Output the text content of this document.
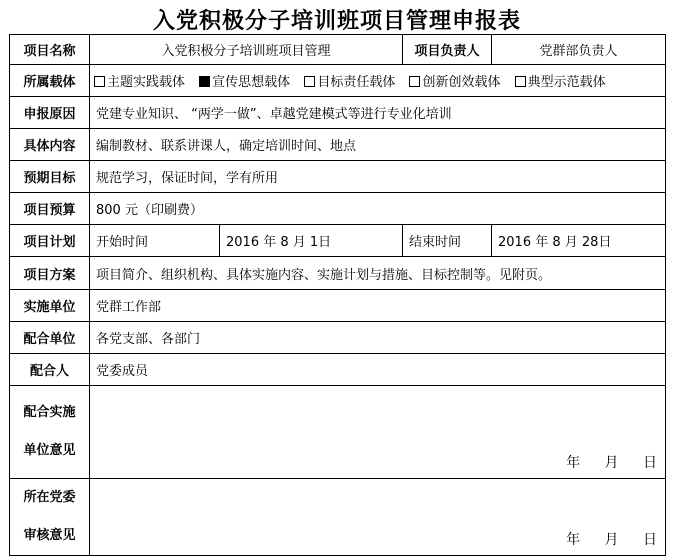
入党积极分子培训班项目管理申报表
项目名称	入党积极分子培训班项目管理		项目负责人	党群部负责人
所属载体	主题实践载体 宣传思想载体 目标责任载体 创新创效载体 典型示范载体			
申报原因	党建专业知识、 “两学一做”、卓越党建模式等进行专业化培训			
具体内容	编制教材、联系讲课人，确定培训时间、地点			
预期目标	规范学习，保证时间，学有所用			
项目预算	800 元（印刷费）			
项目计划	开始时间	2016 年 8 月 1日	结束时间	2016 年 8 月 28日
项目方案	项目简介、组织机构、具体实施内容、实施计划与措施、目标控制等。见附页。			
实施单位	党群工作部			
配合单位	各党支部、各部门			
配合人	党委成员			
配合实施
单位意见	年 月 日			

所在党委
审核意见	年 月 日			
